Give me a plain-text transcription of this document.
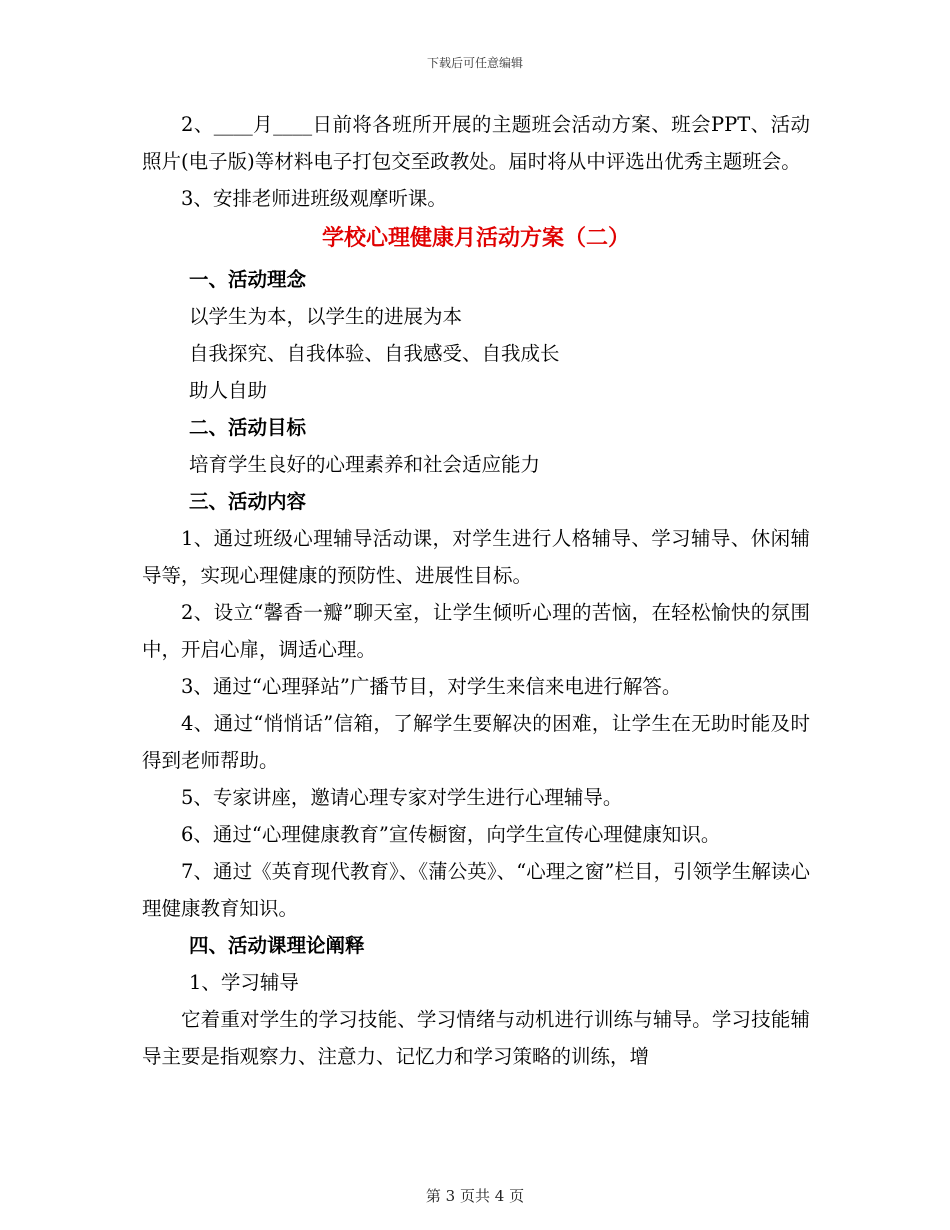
下载后可任意编辑

2、____月____日前将各班所开展的主题班会活动方案、班会PPT、活动照片(电子版)等材料电子打包交至政教处。届时将从中评选出优秀主题班会。

3、安排老师进班级观摩听课。

学校心理健康月活动方案（二）

一、活动理念

以学生为本，以学生的进展为本

自我探究、自我体验、自我感受、自我成长

助人自助

二、活动目标

培育学生良好的心理素养和社会适应能力

三、活动内容

1、通过班级心理辅导活动课，对学生进行人格辅导、学习辅导、休闲辅导等，实现心理健康的预防性、进展性目标。

2、设立“馨香一瓣”聊天室，让学生倾听心理的苦恼，在轻松愉快的氛围中，开启心扉，调适心理。

3、通过“心理驿站”广播节目，对学生来信来电进行解答。

4、通过“悄悄话”信箱，了解学生要解决的困难，让学生在无助时能及时得到老师帮助。

5、专家讲座，邀请心理专家对学生进行心理辅导。

6、通过“心理健康教育”宣传橱窗，向学生宣传心理健康知识。

7、通过《英育现代教育》、《蒲公英》、“心理之窗”栏目，引领学生解读心理健康教育知识。

四、活动课理论阐释

1、学习辅导

它着重对学生的学习技能、学习情绪与动机进行训练与辅导。学习技能辅导主要是指观察力、注意力、记忆力和学习策略的训练，增

第 3 页共 4 页
